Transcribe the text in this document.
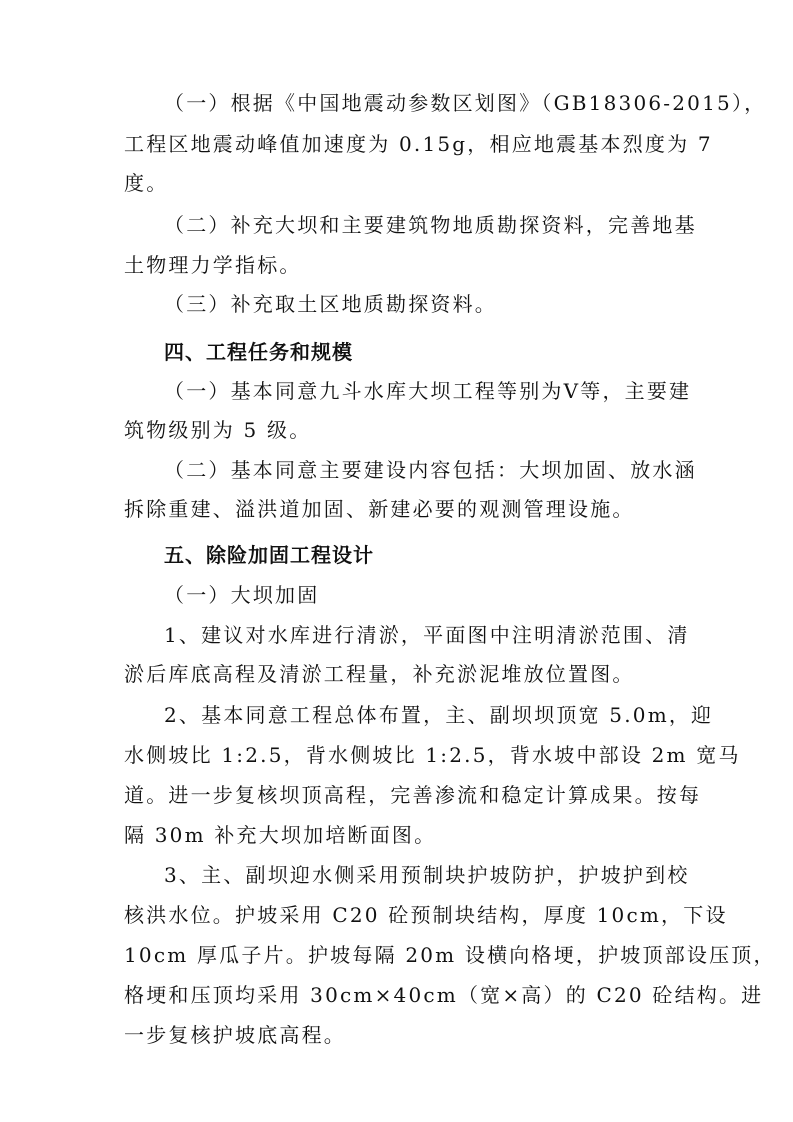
（一）根据《中国地震动参数区划图》（GB18306-2015），
工程区地震动峰值加速度为 0.15g，相应地震基本烈度为 7
度。
（二）补充大坝和主要建筑物地质勘探资料，完善地基
土物理力学指标。
（三）补充取土区地质勘探资料。
四、工程任务和规模
（一）基本同意九斗水库大坝工程等别为Ⅴ等，主要建
筑物级别为 5 级。
（二）基本同意主要建设内容包括：大坝加固、放水涵
拆除重建、溢洪道加固、新建必要的观测管理设施。
五、除险加固工程设计
（一）大坝加固
1、建议对水库进行清淤，平面图中注明清淤范围、清
淤后库底高程及清淤工程量，补充淤泥堆放位置图。
2、基本同意工程总体布置，主、副坝坝顶宽 5.0m，迎
水侧坡比 1:2.5，背水侧坡比 1:2.5，背水坡中部设 2m 宽马
道。进一步复核坝顶高程，完善渗流和稳定计算成果。按每
隔 30m 补充大坝加培断面图。
3、主、副坝迎水侧采用预制块护坡防护，护坡护到校
核洪水位。护坡采用 C20 砼预制块结构，厚度 10cm，下设
10cm 厚瓜子片。护坡每隔 20m 设横向格埂，护坡顶部设压顶，
格埂和压顶均采用 30cm×40cm（宽×高）的 C20 砼结构。进
一步复核护坡底高程。
